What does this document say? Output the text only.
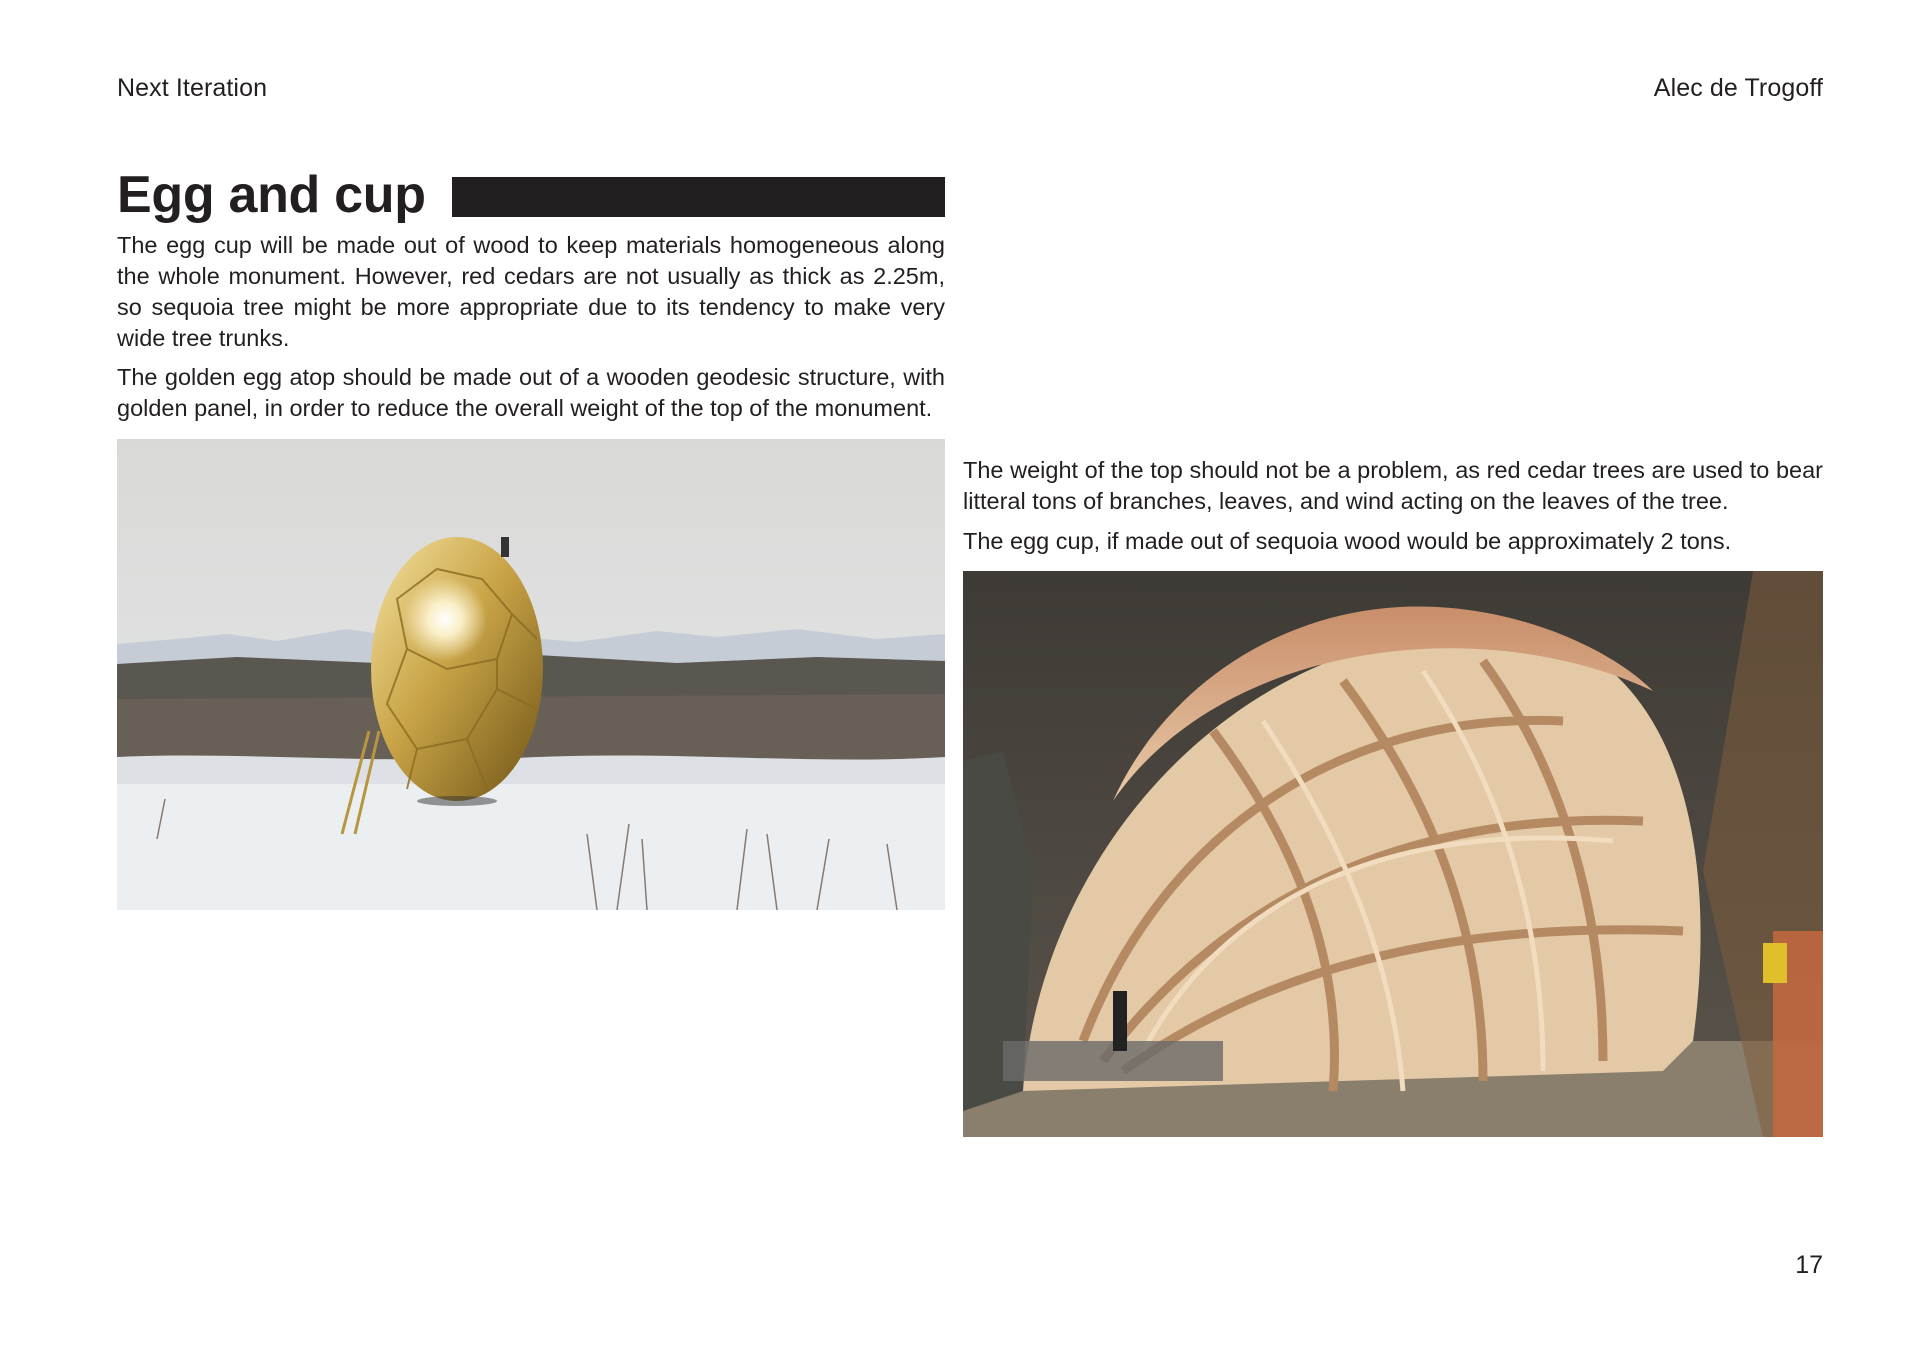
Next Iteration	Alec de Trogoff
Egg and cup

The egg cup will be made out of wood to keep materials homogeneous along the whole monument. However, red cedars are not usually as thick as 2.25m, so sequoia tree might be more appropriate due to its tendency to make very wide tree trunks.

The golden egg atop should be made out of a wooden geodesic structure, with golden panel, in order to reduce the overall weight of the top of the monument.

The weight of the top should not be a problem, as red cedar trees are used to bear litteral tons of branches, leaves, and wind acting on the leaves of the tree.

The egg cup, if made out of sequoia wood would be approximately 2 tons.

17
